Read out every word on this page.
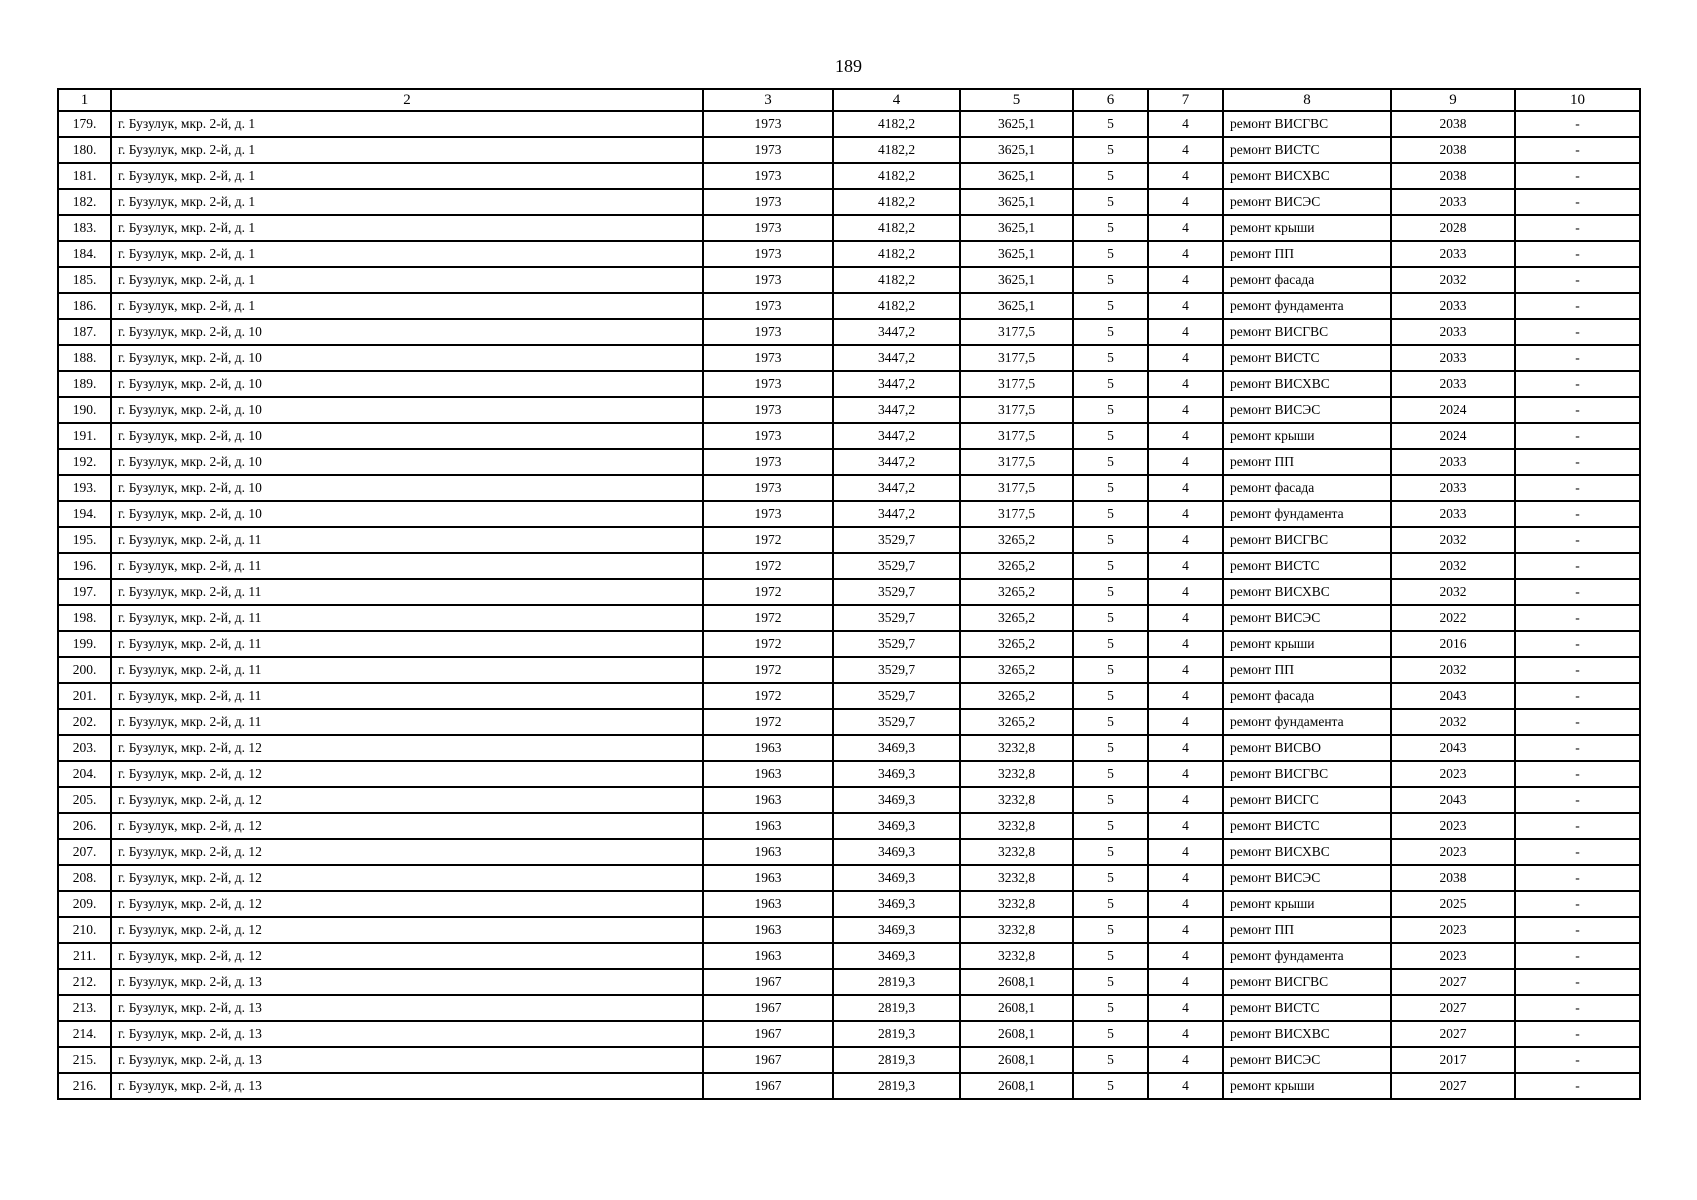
189
1	2	3	4	5	6	7	8	9	10
179.	г. Бузулук, мкр. 2-й, д. 1	1973	4182,2	3625,1	5	4	ремонт ВИСГВС	2038	-
180.	г. Бузулук, мкр. 2-й, д. 1	1973	4182,2	3625,1	5	4	ремонт ВИСТС	2038	-
181.	г. Бузулук, мкр. 2-й, д. 1	1973	4182,2	3625,1	5	4	ремонт ВИСХВС	2038	-
182.	г. Бузулук, мкр. 2-й, д. 1	1973	4182,2	3625,1	5	4	ремонт ВИСЭС	2033	-
183.	г. Бузулук, мкр. 2-й, д. 1	1973	4182,2	3625,1	5	4	ремонт крыши	2028	-
184.	г. Бузулук, мкр. 2-й, д. 1	1973	4182,2	3625,1	5	4	ремонт ПП	2033	-
185.	г. Бузулук, мкр. 2-й, д. 1	1973	4182,2	3625,1	5	4	ремонт фасада	2032	-
186.	г. Бузулук, мкр. 2-й, д. 1	1973	4182,2	3625,1	5	4	ремонт фундамента	2033	-
187.	г. Бузулук, мкр. 2-й, д. 10	1973	3447,2	3177,5	5	4	ремонт ВИСГВС	2033	-
188.	г. Бузулук, мкр. 2-й, д. 10	1973	3447,2	3177,5	5	4	ремонт ВИСТС	2033	-
189.	г. Бузулук, мкр. 2-й, д. 10	1973	3447,2	3177,5	5	4	ремонт ВИСХВС	2033	-
190.	г. Бузулук, мкр. 2-й, д. 10	1973	3447,2	3177,5	5	4	ремонт ВИСЭС	2024	-
191.	г. Бузулук, мкр. 2-й, д. 10	1973	3447,2	3177,5	5	4	ремонт крыши	2024	-
192.	г. Бузулук, мкр. 2-й, д. 10	1973	3447,2	3177,5	5	4	ремонт ПП	2033	-
193.	г. Бузулук, мкр. 2-й, д. 10	1973	3447,2	3177,5	5	4	ремонт фасада	2033	-
194.	г. Бузулук, мкр. 2-й, д. 10	1973	3447,2	3177,5	5	4	ремонт фундамента	2033	-
195.	г. Бузулук, мкр. 2-й, д. 11	1972	3529,7	3265,2	5	4	ремонт ВИСГВС	2032	-
196.	г. Бузулук, мкр. 2-й, д. 11	1972	3529,7	3265,2	5	4	ремонт ВИСТС	2032	-
197.	г. Бузулук, мкр. 2-й, д. 11	1972	3529,7	3265,2	5	4	ремонт ВИСХВС	2032	-
198.	г. Бузулук, мкр. 2-й, д. 11	1972	3529,7	3265,2	5	4	ремонт ВИСЭС	2022	-
199.	г. Бузулук, мкр. 2-й, д. 11	1972	3529,7	3265,2	5	4	ремонт крыши	2016	-
200.	г. Бузулук, мкр. 2-й, д. 11	1972	3529,7	3265,2	5	4	ремонт ПП	2032	-
201.	г. Бузулук, мкр. 2-й, д. 11	1972	3529,7	3265,2	5	4	ремонт фасада	2043	-
202.	г. Бузулук, мкр. 2-й, д. 11	1972	3529,7	3265,2	5	4	ремонт фундамента	2032	-
203.	г. Бузулук, мкр. 2-й, д. 12	1963	3469,3	3232,8	5	4	ремонт ВИСВО	2043	-
204.	г. Бузулук, мкр. 2-й, д. 12	1963	3469,3	3232,8	5	4	ремонт ВИСГВС	2023	-
205.	г. Бузулук, мкр. 2-й, д. 12	1963	3469,3	3232,8	5	4	ремонт ВИСГС	2043	-
206.	г. Бузулук, мкр. 2-й, д. 12	1963	3469,3	3232,8	5	4	ремонт ВИСТС	2023	-
207.	г. Бузулук, мкр. 2-й, д. 12	1963	3469,3	3232,8	5	4	ремонт ВИСХВС	2023	-
208.	г. Бузулук, мкр. 2-й, д. 12	1963	3469,3	3232,8	5	4	ремонт ВИСЭС	2038	-
209.	г. Бузулук, мкр. 2-й, д. 12	1963	3469,3	3232,8	5	4	ремонт крыши	2025	-
210.	г. Бузулук, мкр. 2-й, д. 12	1963	3469,3	3232,8	5	4	ремонт ПП	2023	-
211.	г. Бузулук, мкр. 2-й, д. 12	1963	3469,3	3232,8	5	4	ремонт фундамента	2023	-
212.	г. Бузулук, мкр. 2-й, д. 13	1967	2819,3	2608,1	5	4	ремонт ВИСГВС	2027	-
213.	г. Бузулук, мкр. 2-й, д. 13	1967	2819,3	2608,1	5	4	ремонт ВИСТС	2027	-
214.	г. Бузулук, мкр. 2-й, д. 13	1967	2819,3	2608,1	5	4	ремонт ВИСХВС	2027	-
215.	г. Бузулук, мкр. 2-й, д. 13	1967	2819,3	2608,1	5	4	ремонт ВИСЭС	2017	-
216.	г. Бузулук, мкр. 2-й, д. 13	1967	2819,3	2608,1	5	4	ремонт крыши	2027	-
